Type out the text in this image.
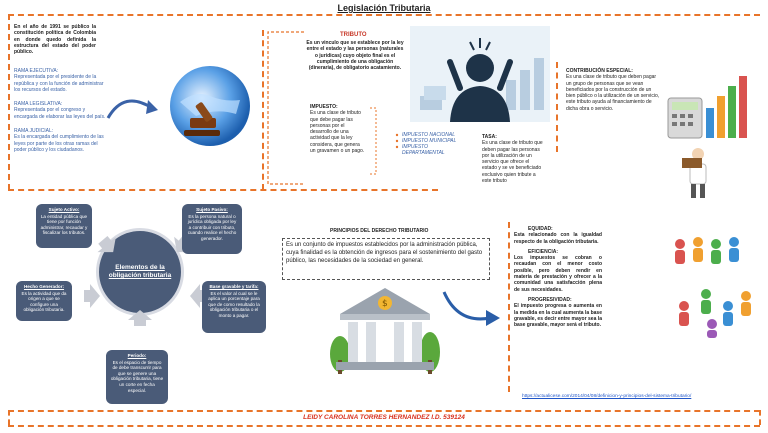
Legislación Tributaria
En el año de 1991 se público la constitución política de Colombia en donde quedo definida la estructura del estado del poder público.
RAMA EJECUTIVA:
Representada por el presidente de la república y con la función de administrar los recursos del estado.
RAMA LEGISLATIVA:
Representada por el congreso y encargada de elaborar las leyes del país.
RAMA JUDICIAL:
Es la encargada del cumplimiento de las leyes por parte de los otras ramas del poder público y los ciudadanos.
TRIBUTO
Es un vinculo que se establece por la ley entre el estado y las personas (naturales o jurídicas) cuyo objeto final es el cumplimiento de una obligación (dineraria), de obligatorio acatamiento.
IMPUESTO:
Es una clase de tributo que debe pagar las personas por el desarrollo de una actividad que la ley considera, que genera un gravamen o un pago.
IMPUESTO NACIONAL
IMPUESTO MUNICIPAL
IMPUESTO DEPARTAMENTAL
TASA:
Es una clase de tributo que deben pagar las personas por la utilización de un servicio que ofrece el estado y se ve beneficiado exclusivo quien tribute a este tributo
CONTRIBUCIÓN ESPECIAL:
Es una clase de tributo que deben pagar un grupo de personas que se vean beneficiados por la construcción de un bien público o la utilización de un servicio, este tributo ayuda al financiamiento de dicha obra o servicio.
Elementos de la obligación tributaria
Sujeto Activo:
La entidad pública que tiene por función administrar, recaudar y fiscalizar los tributos.
Sujeto Pasivo:
Es la persona natural o jurídica obligada por ley a contribuir con tributo, cuando realice el hecho generador.
Hecho Generador:
Es la actividad que da origen a que se configure una obligación tributaria.
Base gravable y tarifa:
Es el valor al cual se le aplica un porcentaje para que de como resultado la obligación tributaria o el monto a pagar.
Periodo:
Es el espacio de tiempo de debe transcurrir para que se genere una obligación tributaria, tiene un corte en fecha especial.
PRINCIPIOS DEL DERECHO TRIBUTARIO
Es un conjunto de impuestos establecidos por la administración pública, cuya finalidad es la obtención de ingresos para el sostenimiento del gasto público, las necesidades de la sociedad en general.
$
EQUIDAD:
Esta relacionado con la igualdad respecto de la obligación tributaria.
EFICIENCIA:
Los impuestos se cobran o recaudan con el menor costo posible, pero deben rendir en materia de prestación y ofrecer a la comunidad una satisfacción plena de sus necesidades.
PROGRESIVIDAD:
El impuesto progresa o aumenta en la medida en la cual aumenta la base gravable, es decir entre mayor sea la base gravable, mayor será el tributo.
https://actualicese.com/2014/04/08/definicion-y-principios-del-sistema-tributario/
LEIDY CAROLINA TORRES HERNANDEZ I.D. 539124
